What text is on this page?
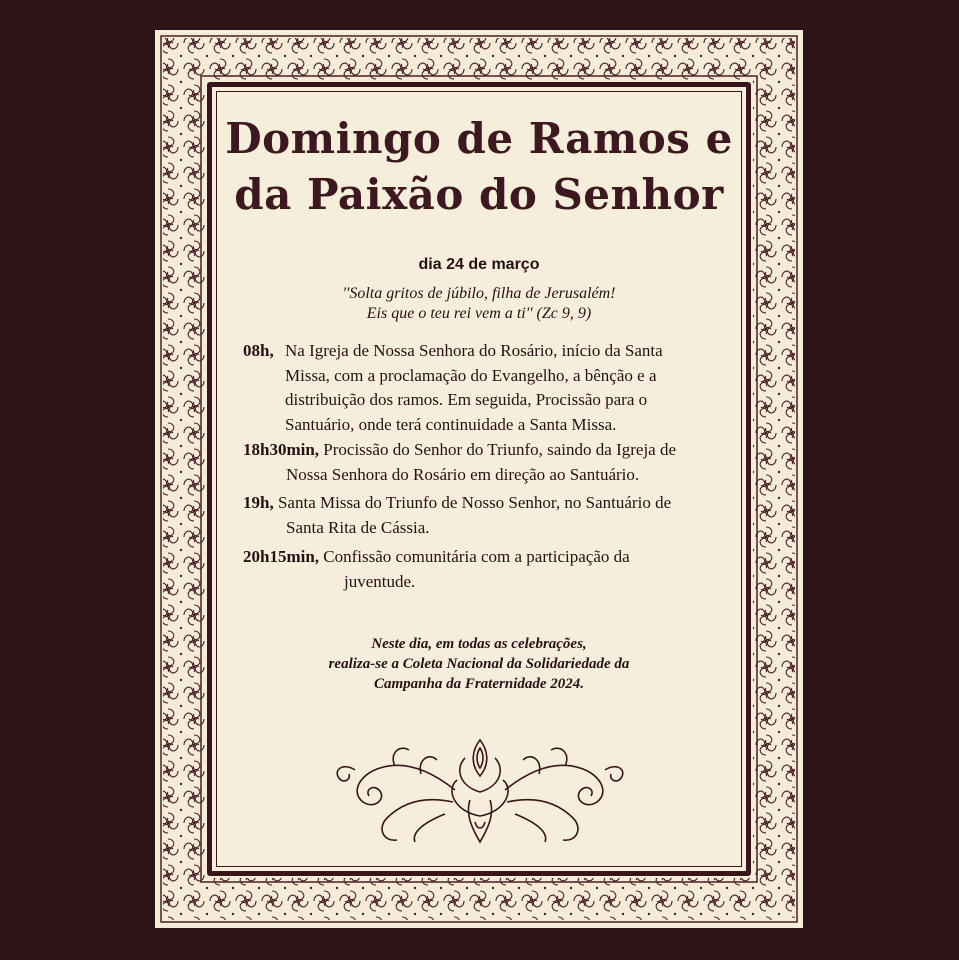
Domingo de Ramos e
da Paixão do Senhor
dia 24 de março
''Solta gritos de júbilo, filha de Jerusalém!
Eis que o teu rei vem a ti'' (Zc 9, 9)
08h, Na Igreja de Nossa Senhora do Rosário, início da Santa
Missa, com a proclamação do Evangelho, a bênção e a
distribuição dos ramos. Em seguida, Procissão para o
Santuário, onde terá continuidade a Santa Missa.
18h30min, Procissão do Senhor do Triunfo, saindo da Igreja de
Nossa Senhora do Rosário em direção ao Santuário.
19h, Santa Missa do Triunfo de Nosso Senhor, no Santuário de
Santa Rita de Cássia.
20h15min, Confissão comunitária com a participação da
juventude.
Neste dia, em todas as celebrações,
realiza-se a Coleta Nacional da Solidariedade da
Campanha da Fraternidade 2024.
